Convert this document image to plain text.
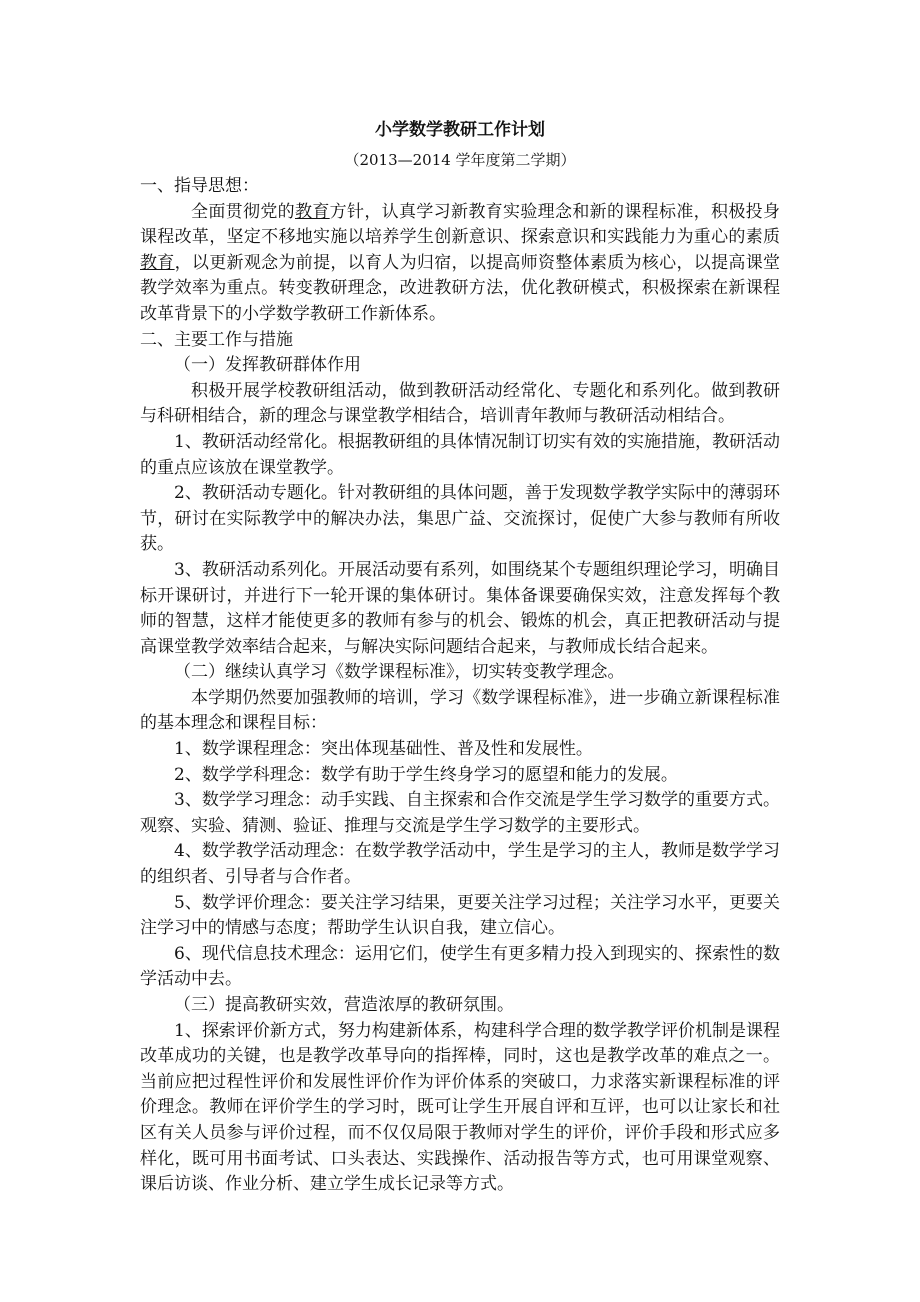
小学数学教研工作计划
（2013—2014 学年度第二学期）

一、指导思想：

全面贯彻党的教育方针，认真学习新教育实验理念和新的课程标准，积极投身课程改革，坚定不移地实施以培养学生创新意识、探索意识和实践能力为重心的素质教育，以更新观念为前提，以育人为归宿，以提高师资整体素质为核心，以提高课堂教学效率为重点。转变教研理念，改进教研方法，优化教研模式，积极探索在新课程改革背景下的小学数学教研工作新体系。

二、主要工作与措施

（一）发挥教研群体作用

积极开展学校教研组活动，做到教研活动经常化、专题化和系列化。做到教研与科研相结合，新的理念与课堂教学相结合，培训青年教师与教研活动相结合。

1、教研活动经常化。根据教研组的具体情况制订切实有效的实施措施，教研活动的重点应该放在课堂教学。

2、教研活动专题化。针对教研组的具体问题，善于发现数学教学实际中的薄弱环节，研讨在实际教学中的解决办法，集思广益、交流探讨，促使广大参与教师有所收获。

3、教研活动系列化。开展活动要有系列，如围绕某个专题组织理论学习，明确目标开课研讨，并进行下一轮开课的集体研讨。集体备课要确保实效，注意发挥每个教师的智慧，这样才能使更多的教师有参与的机会、锻炼的机会，真正把教研活动与提高课堂教学效率结合起来，与解决实际问题结合起来，与教师成长结合起来。

（二）继续认真学习《数学课程标准》，切实转变教学理念。

本学期仍然要加强教师的培训，学习《数学课程标准》，进一步确立新课程标准的基本理念和课程目标：

1、数学课程理念：突出体现基础性、普及性和发展性。

2、数学学科理念：数学有助于学生终身学习的愿望和能力的发展。

3、数学学习理念：动手实践、自主探索和合作交流是学生学习数学的重要方式。观察、实验、猜测、验证、推理与交流是学生学习数学的主要形式。

4、数学教学活动理念：在数学教学活动中，学生是学习的主人，教师是数学学习的组织者、引导者与合作者。

5、数学评价理念：要关注学习结果，更要关注学习过程；关注学习水平，更要关注学习中的情感与态度；帮助学生认识自我，建立信心。

6、现代信息技术理念：运用它们，使学生有更多精力投入到现实的、探索性的数学活动中去。

（三）提高教研实效，营造浓厚的教研氛围。

1、探索评价新方式，努力构建新体系，构建科学合理的数学教学评价机制是课程改革成功的关键，也是教学改革导向的指挥棒，同时，这也是教学改革的难点之一。当前应把过程性评价和发展性评价作为评价体系的突破口，力求落实新课程标准的评价理念。教师在评价学生的学习时，既可让学生开展自评和互评，也可以让家长和社区有关人员参与评价过程，而不仅仅局限于教师对学生的评价，评价手段和形式应多样化，既可用书面考试、口头表达、实践操作、活动报告等方式，也可用课堂观察、课后访谈、作业分析、建立学生成长记录等方式。
